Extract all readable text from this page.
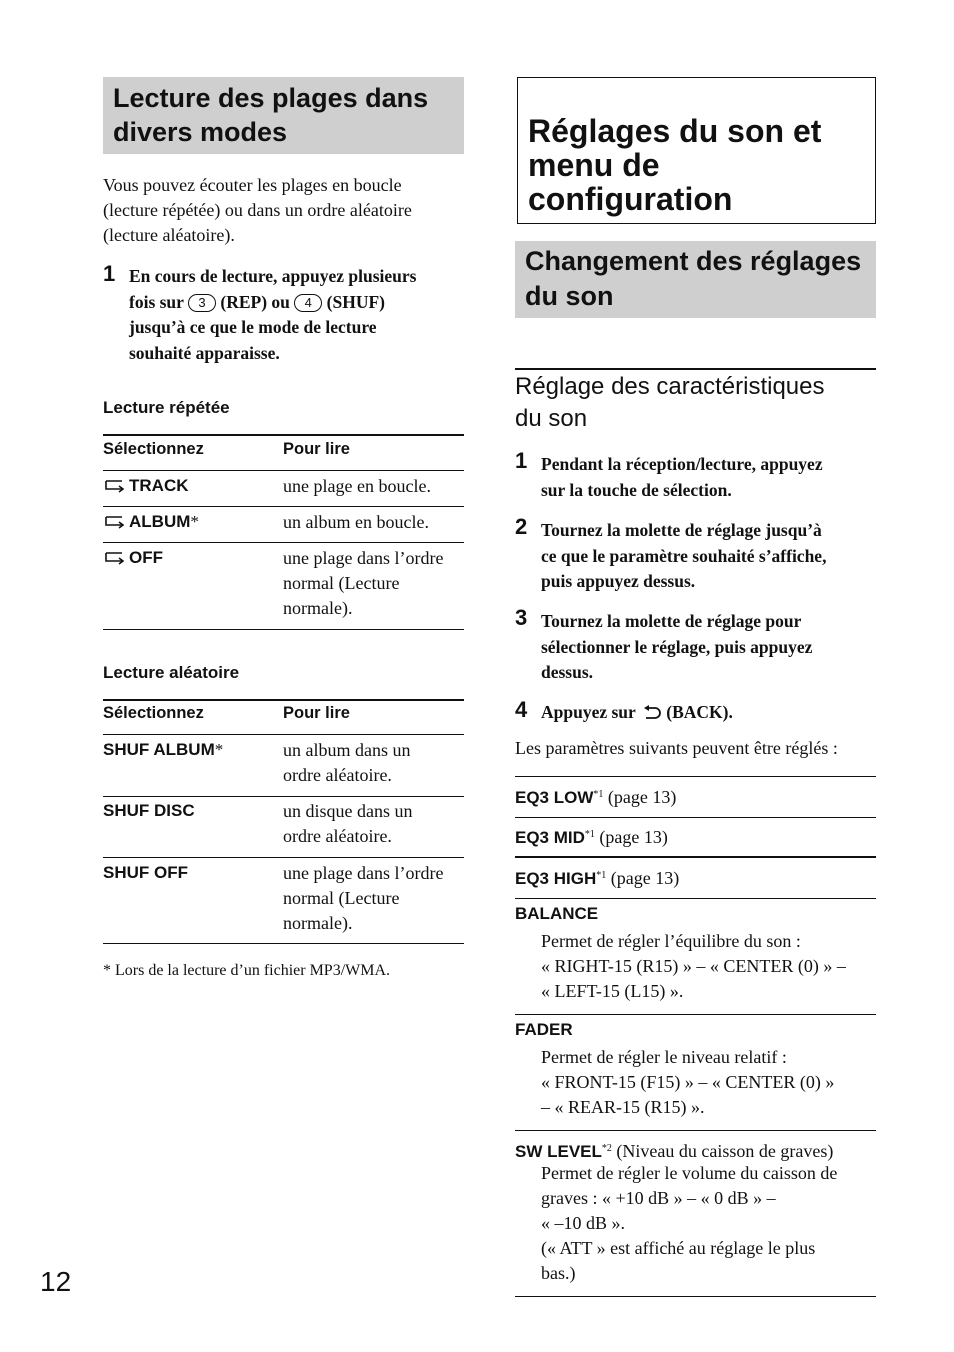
Lecture des plages dans
divers modes
Vous pouvez écouter les plages en boucle
(lecture répétée) ou dans un ordre aléatoire
(lecture aléatoire).
1 En cours de lecture, appuyez plusieurs
fois sur 3 (REP) ou 4 (SHUF)
jusqu’à ce que le mode de lecture
souhaité apparaisse.
Lecture répétée
Sélectionnez	Pour lire
TRACK	une plage en boucle.
ALBUM*	un album en boucle.
OFF	une plage dans l’ordre
normal (Lecture
normale).
Lecture aléatoire
Sélectionnez	Pour lire
SHUF ALBUM*	un album dans un
ordre aléatoire.
SHUF DISC	un disque dans un
ordre aléatoire.
SHUF OFF	une plage dans l’ordre
normal (Lecture
normale).
* Lors de la lecture d’un fichier MP3/WMA.
Réglages du son et
menu de
configuration
Changement des réglages
du son
Réglage des caractéristiques
du son
1 Pendant la réception/lecture, appuyez
sur la touche de sélection.
2 Tournez la molette de réglage jusqu’à
ce que le paramètre souhaité s’affiche,
puis appuyez dessus.
3 Tournez la molette de réglage pour
sélectionner le réglage, puis appuyez
dessus.
4 Appuyez sur (BACK).
Les paramètres suivants peuvent être réglés :
EQ3 LOW$^{*1}$ (page 13)
EQ3 MID$^{*1}$ (page 13)
EQ3 HIGH$^{*1}$ (page 13)
BALANCE
Permet de régler l’équilibre du son :
« RIGHT-15 (R15) » – « CENTER (0) » –
« LEFT-15 (L15) ».
FADER
Permet de régler le niveau relatif :
« FRONT-15 (F15) » – « CENTER (0) »
– « REAR-15 (R15) ».
SW LEVEL$^{*2}$ (Niveau du caisson de graves)
Permet de régler le volume du caisson de
graves : « +10 dB » – « 0 dB » –
« –10 dB ».
(« ATT » est affiché au réglage le plus
bas.)
12
